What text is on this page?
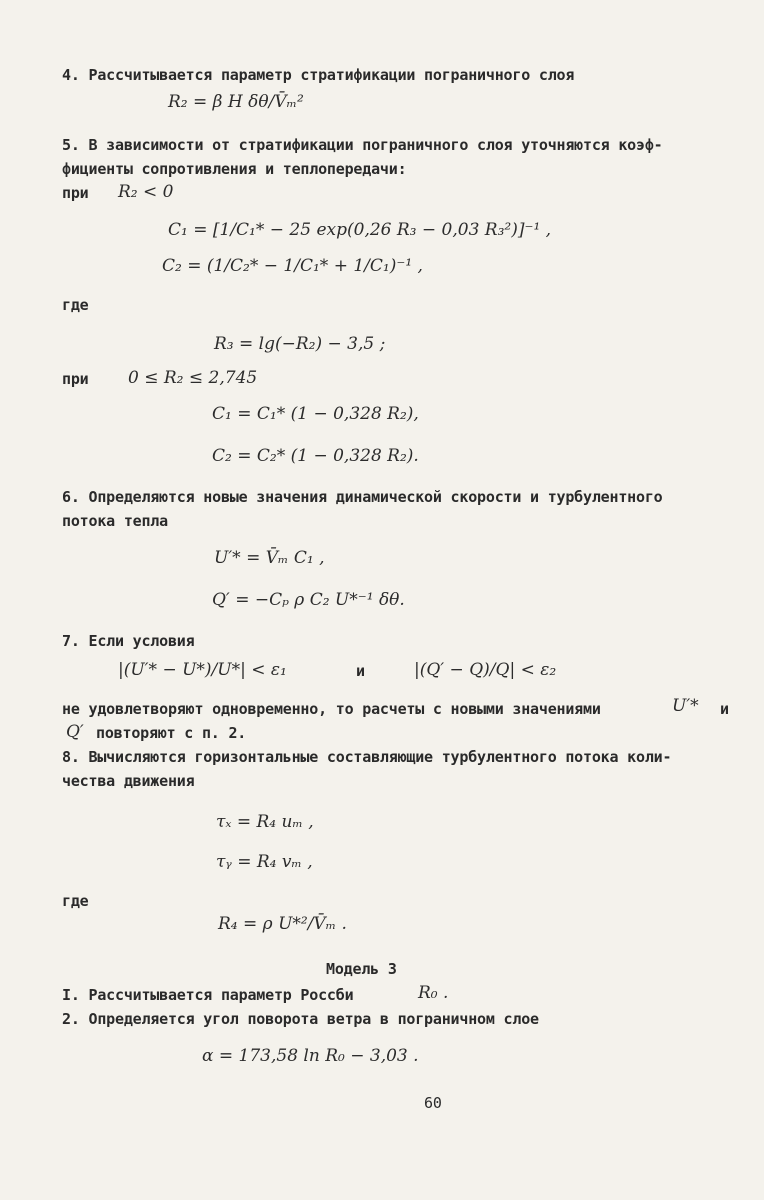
4. Рассчитывается параметр стратификации пограничного слоя
R₂ = β H δθ/V̄ₘ²
5. В зависимости от стратификации пограничного слоя уточняются коэф-
фициенты сопротивления и теплопередачи:
при R₂ < 0
C₁ = [1/C₁* − 25 exp(0,26 R₃ − 0,03 R₃²)]⁻¹ ,
C₂ = (1/C₂* − 1/C₁* + 1/C₁)⁻¹ ,
где
R₃ = lg(−R₂) − 3,5 ;
при 0 ≤ R₂ ≤ 2,745
C₁ = C₁* (1 − 0,328 R₂),
C₂ = C₂* (1 − 0,328 R₂).
6. Определяются новые значения динамической скорости и турбулентного
потока тепла
U′* = V̄ₘ C₁ ,
Q′ = −Cₚ ρ C₂ U*⁻¹ δθ.
7. Если условия
|(U′* − U*)/U*| < ε₁	и	|(Q′ − Q)/Q| < ε₂
не удовлетворяют одновременно, то расчеты с новыми значениями	U′* и
Q′ повторяют с п. 2.
8. Вычисляются горизонтальные составляющие турбулентного потока коли-
чества движения
τₓ = R₄ uₘ ,
τᵧ = R₄ vₘ ,
где
R₄ = ρ U*²/V̄ₘ .
Модель 3
I. Рассчитывается параметр Россби	R₀ .
2. Определяется угол поворота ветра в пограничном слое
α = 173,58 ln R₀ − 3,03 .
60
